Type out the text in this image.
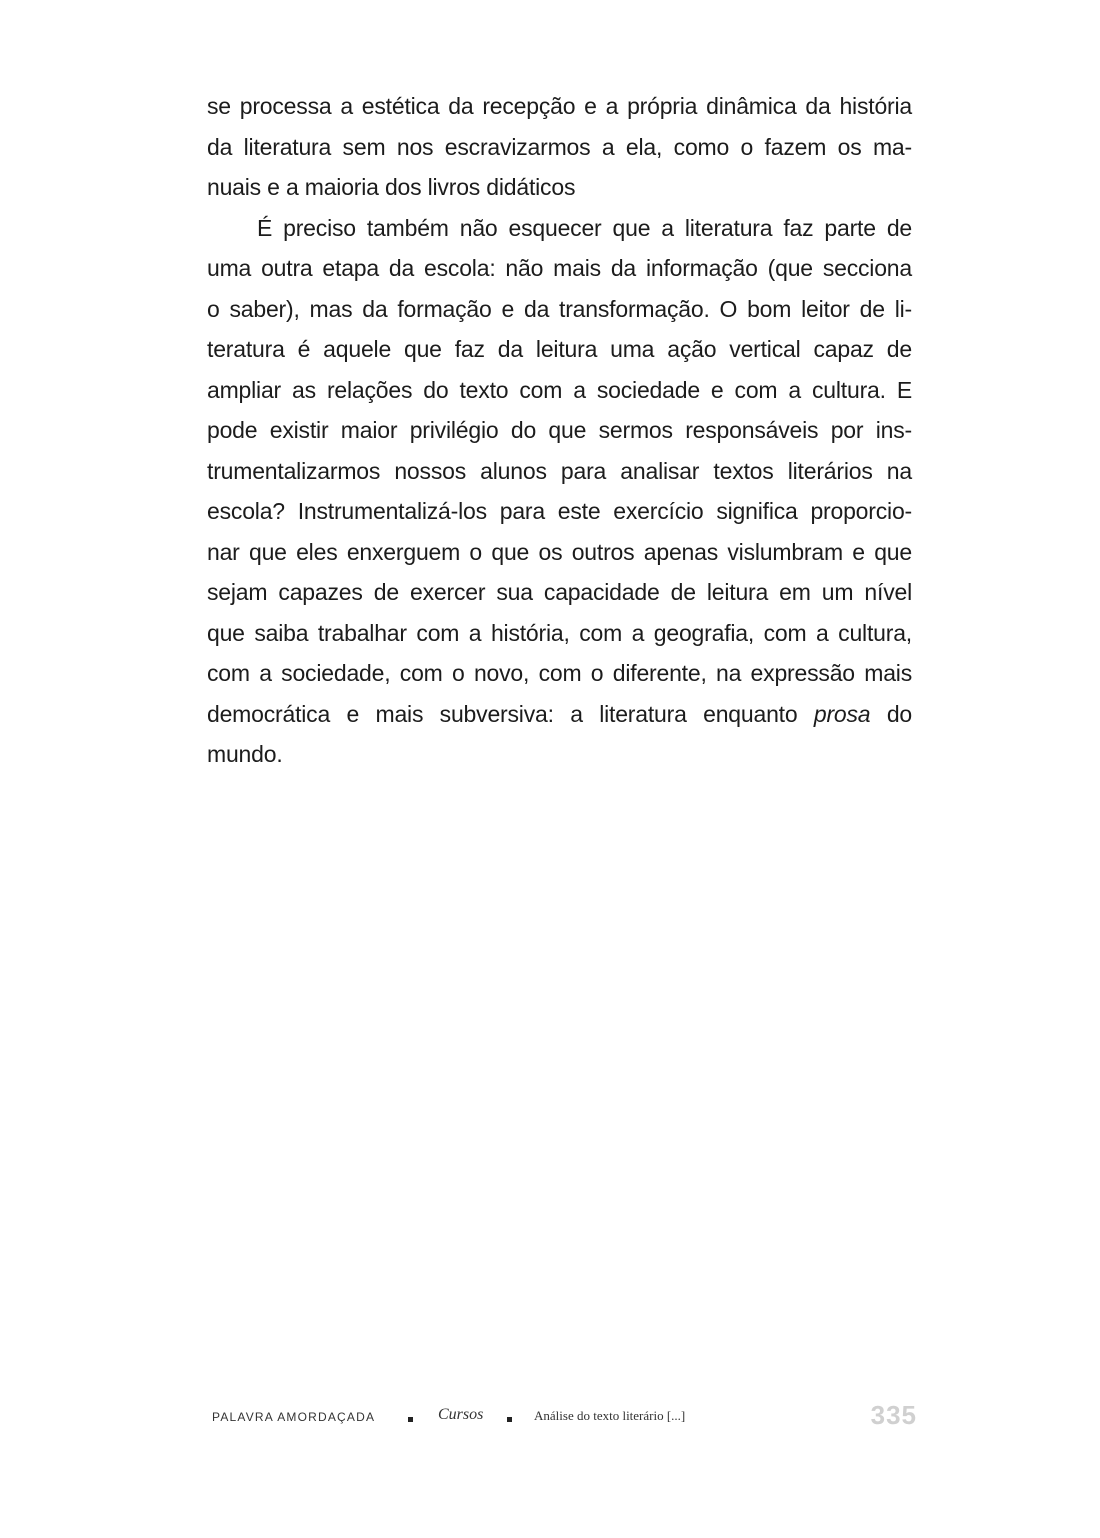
se processa a estética da recepção e a própria dinâmica da história
da literatura sem nos escravizarmos a ela, como o fazem os ma-
nuais e a maioria dos livros didáticos
É preciso também não esquecer que a literatura faz parte de
uma outra etapa da escola: não mais da informação (que secciona
o saber), mas da formação e da transformação. O bom leitor de li-
teratura é aquele que faz da leitura uma ação vertical capaz de
ampliar as relações do texto com a sociedade e com a cultura. E
pode existir maior privilégio do que sermos responsáveis por ins-
trumentalizarmos nossos alunos para analisar textos literários na
escola? Instrumentalizá-los para este exercício significa proporcio-
nar que eles enxerguem o que os outros apenas vislumbram e que
sejam capazes de exercer sua capacidade de leitura em um nível
que saiba trabalhar com a história, com a geografia, com a cultura,
com a sociedade, com o novo, com o diferente, na expressão mais
democrática e mais subversiva: a literatura enquanto prosa do
mundo.
PALAVRA AMORDAÇADA	Cursos	Análise do texto literário [...]	335
